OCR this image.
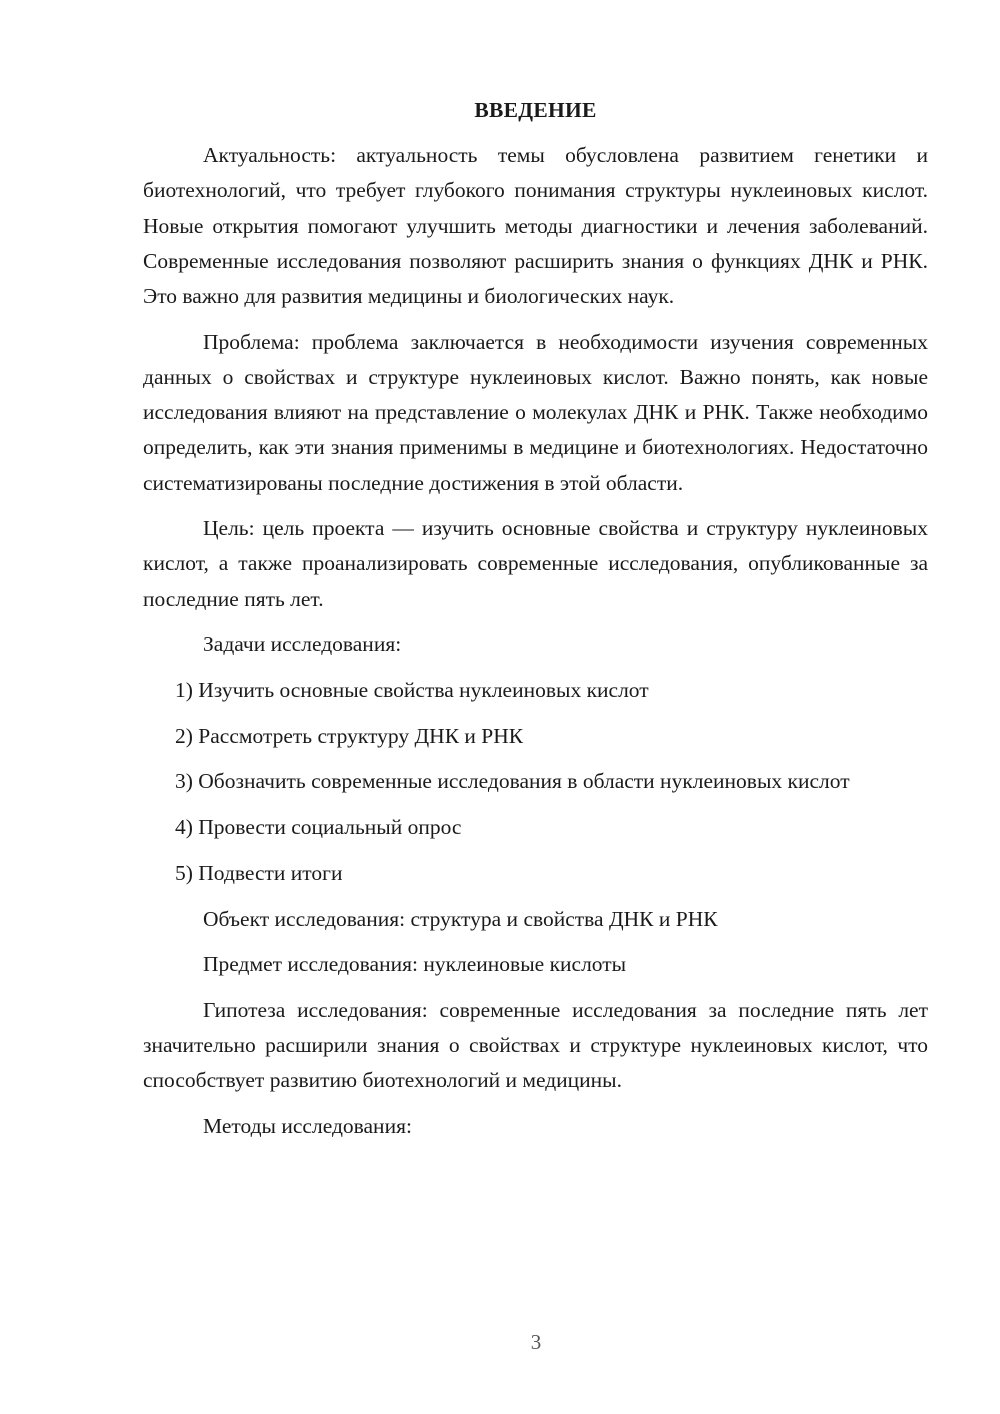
ВВЕДЕНИЕ

Актуальность: актуальность темы обусловлена развитием генетики и биотехнологий, что требует глубокого понимания структуры нуклеиновых кислот. Новые открытия помогают улучшить методы диагностики и лечения заболеваний. Современные исследования позволяют расширить знания о функциях ДНК и РНК. Это важно для развития медицины и биологических наук.

Проблема: проблема заключается в необходимости изучения современных данных о свойствах и структуре нуклеиновых кислот. Важно понять, как новые исследования влияют на представление о молекулах ДНК и РНК. Также необходимо определить, как эти знания применимы в медицине и биотехнологиях. Недостаточно систематизированы последние достижения в этой области.

Цель: цель проекта — изучить основные свойства и структуру нуклеиновых кислот, а также проанализировать современные исследования, опубликованные за последние пять лет.

Задачи исследования:

1) Изучить основные свойства нуклеиновых кислот

2) Рассмотреть структуру ДНК и РНК

3) Обозначить современные исследования в области нуклеиновых кислот

4) Провести социальный опрос

5) Подвести итоги

Объект исследования: структура и свойства ДНК и РНК

Предмет исследования: нуклеиновые кислоты

Гипотеза исследования: современные исследования за последние пять лет значительно расширили знания о свойствах и структуре нуклеиновых кислот, что способствует развитию биотехнологий и медицины.

Методы исследования:

3
